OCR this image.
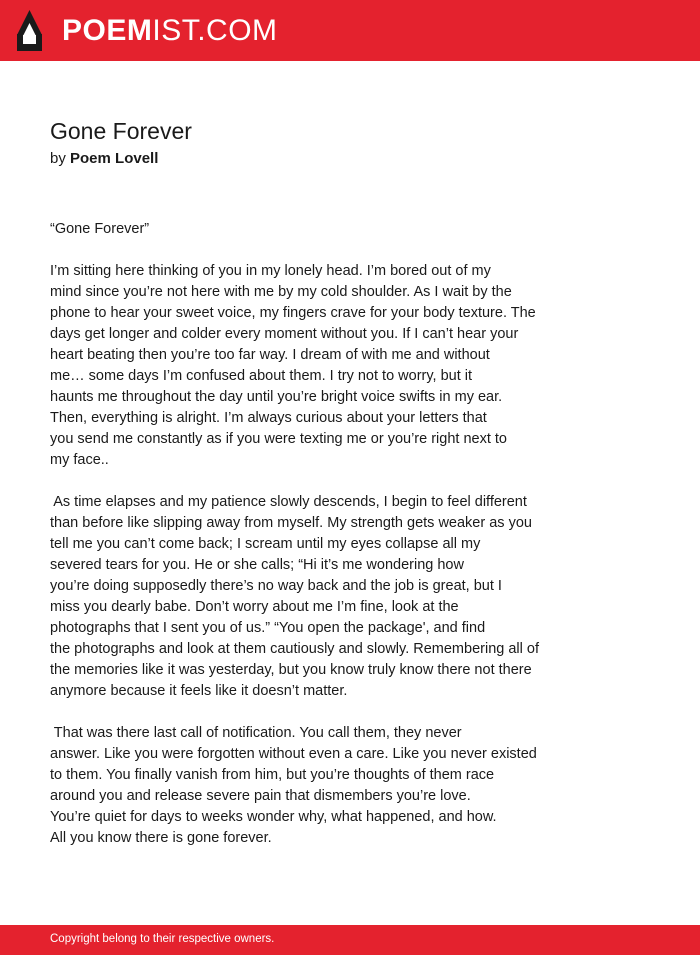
POEMIST.COM
Gone Forever
by Poem Lovell
“Gone Forever”
I’m sitting here thinking of you in my lonely head. I’m bored out of my
mind since you’re not here with me by my cold shoulder. As I wait by the
phone to hear your sweet voice, my fingers crave for your body texture. The
days get longer and colder every moment without you. If I can’t hear your
heart beating then you’re too far way. I dream of with me and without
me… some days I’m confused about them. I try not to worry, but it
haunts me throughout the day until you’re bright voice swifts in my ear.
Then, everything is alright. I’m always curious about your letters that
you send me constantly as if you were texting me or you’re right next to
my face..
As time elapses and my patience slowly descends, I begin to feel different
than before like slipping away from myself. My strength gets weaker as you
tell me you can’t come back; I scream until my eyes collapse all my
severed tears for you. He or she calls; “Hi it’s me wondering how
you’re doing supposedly there’s no way back and the job is great, but I
miss you dearly babe. Don’t worry about me I’m fine, look at the
photographs that I sent you of us.” “You open the package', and find
the photographs and look at them cautiously and slowly. Remembering all of
the memories like it was yesterday, but you know truly know there not there
anymore because it feels like it doesn’t matter.
That was there last call of notification. You call them, they never
answer. Like you were forgotten without even a care. Like you never existed
to them. You finally vanish from him, but you’re thoughts of them race
around you and release severe pain that dismembers you’re love.
You’re quiet for days to weeks wonder why, what happened, and how.
All you know there is gone forever.
Copyright belong to their respective owners.
